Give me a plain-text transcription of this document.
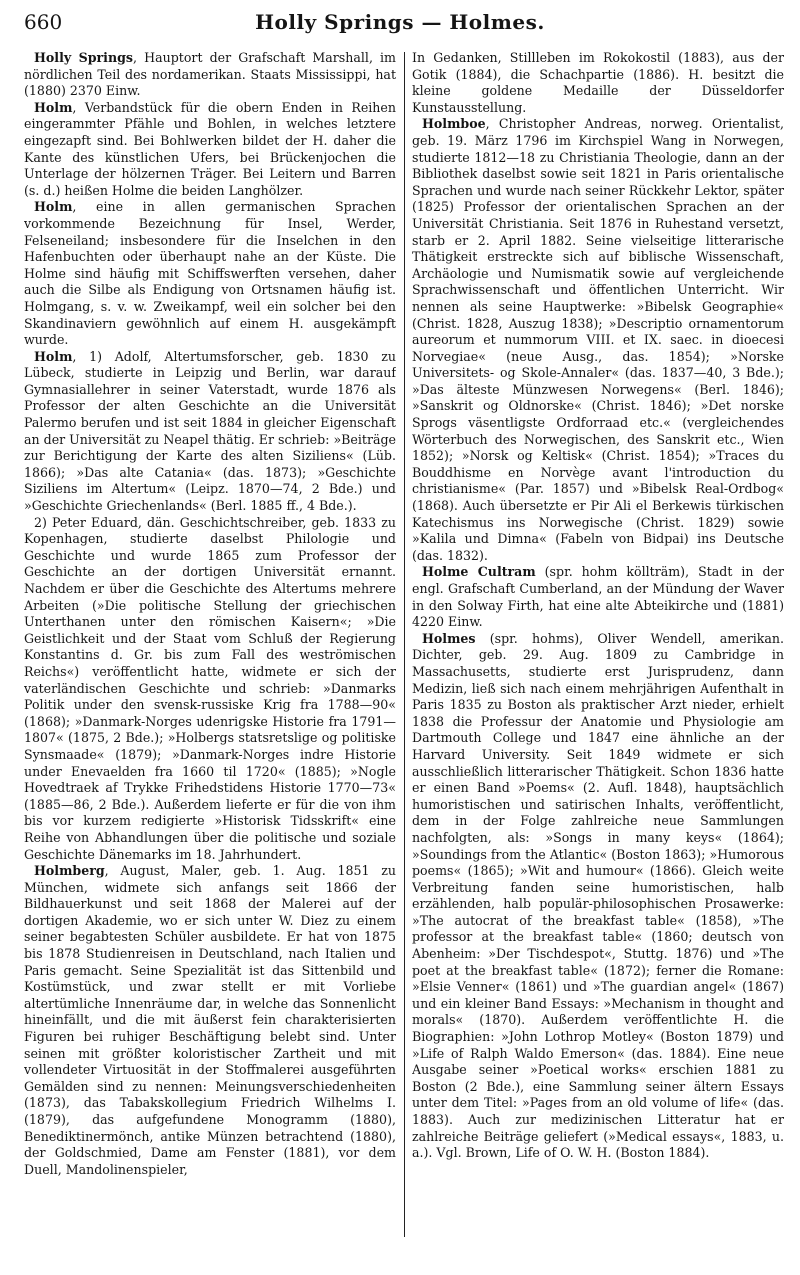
660	Holly Springs — Holmes.

Holly Springs, Hauptort der Grafschaft Marshall, im nördlichen Teil des nordamerikan. Staats Mississippi, hat (1880) 2370 Einw.

Holm, Verbandstück für die obern Enden in Reihen eingerammter Pfähle und Bohlen, in welches letztere eingezapft sind. Bei Bohlwerken bildet der H. daher die Kante des künstlichen Ufers, bei Brückenjochen die Unterlage der hölzernen Träger. Bei Leitern und Barren (s. d.) heißen Holme die beiden Langhölzer.

Holm, eine in allen germanischen Sprachen vorkommende Bezeichnung für Insel, Werder, Felseneiland; insbesondere für die Inselchen in den Hafenbuchten oder überhaupt nahe an der Küste. Die Holme sind häufig mit Schiffswerften versehen, daher auch die Silbe als Endigung von Ortsnamen häufig ist. Holmgang, s. v. w. Zweikampf, weil ein solcher bei den Skandinaviern gewöhnlich auf einem H. ausgekämpft wurde.

Holm, 1) Adolf, Altertumsforscher, geb. 1830 zu Lübeck, studierte in Leipzig und Berlin, war darauf Gymnasiallehrer in seiner Vaterstadt, wurde 1876 als Professor der alten Geschichte an die Universität Palermo berufen und ist seit 1884 in gleicher Eigenschaft an der Universität zu Neapel thätig. Er schrieb: »Beiträge zur Berichtigung der Karte des alten Siziliens« (Lüb. 1866); »Das alte Catania« (das. 1873); »Geschichte Siziliens im Altertum« (Leipz. 1870—74, 2 Bde.) und »Geschichte Griechenlands« (Berl. 1885 ff., 4 Bde.).

2) Peter Eduard, dän. Geschichtschreiber, geb. 1833 zu Kopenhagen, studierte daselbst Philologie und Geschichte und wurde 1865 zum Professor der Geschichte an der dortigen Universität ernannt. Nachdem er über die Geschichte des Altertums mehrere Arbeiten (»Die politische Stellung der griechischen Unterthanen unter den römischen Kaisern«; »Die Geistlichkeit und der Staat vom Schluß der Regierung Konstantins d. Gr. bis zum Fall des weströmischen Reichs«) veröffentlicht hatte, widmete er sich der vaterländischen Geschichte und schrieb: »Danmarks Politik under den svensk-russiske Krig fra 1788—90« (1868); »Danmark-Norges udenrigske Historie fra 1791—1807« (1875, 2 Bde.); »Holbergs statsretslige og politiske Synsmaade« (1879); »Danmark-Norges indre Historie under Enevaelden fra 1660 til 1720« (1885); »Nogle Hovedtraek af Trykke Frihedstidens Historie 1770—73« (1885—86, 2 Bde.). Außerdem lieferte er für die von ihm bis vor kurzem redigierte »Historisk Tidsskrift« eine Reihe von Abhandlungen über die politische und soziale Geschichte Dänemarks im 18. Jahrhundert.

Holmberg, August, Maler, geb. 1. Aug. 1851 zu München, widmete sich anfangs seit 1866 der Bildhauerkunst und seit 1868 der Malerei auf der dortigen Akademie, wo er sich unter W. Diez zu einem seiner begabtesten Schüler ausbildete. Er hat von 1875 bis 1878 Studienreisen in Deutschland, nach Italien und Paris gemacht. Seine Spezialität ist das Sittenbild und Kostümstück, und zwar stellt er mit Vorliebe altertümliche Innenräume dar, in welche das Sonnenlicht hineinfällt, und die mit äußerst fein charakterisierten Figuren bei ruhiger Beschäftigung belebt sind. Unter seinen mit größter koloristischer Zartheit und mit vollendeter Virtuosität in der Stoffmalerei ausgeführten Gemälden sind zu nennen: Meinungsverschiedenheiten (1873), das Tabakskollegium Friedrich Wilhelms I. (1879), das aufgefundene Monogramm (1880), Benediktinermönch, antike Münzen betrachtend (1880), der Goldschmied, Dame am Fenster (1881), vor dem Duell, Mandolinenspieler,

In Gedanken, Stillleben im Rokokostil (1883), aus der Gotik (1884), die Schachpartie (1886). H. besitzt die kleine goldene Medaille der Düsseldorfer Kunstausstellung.

Holmboe, Christopher Andreas, norweg. Orientalist, geb. 19. März 1796 im Kirchspiel Wang in Norwegen, studierte 1812—18 zu Christiania Theologie, dann an der Bibliothek daselbst sowie seit 1821 in Paris orientalische Sprachen und wurde nach seiner Rückkehr Lektor, später (1825) Professor der orientalischen Sprachen an der Universität Christiania. Seit 1876 in Ruhestand versetzt, starb er 2. April 1882. Seine vielseitige litterarische Thätigkeit erstreckte sich auf biblische Wissenschaft, Archäologie und Numismatik sowie auf vergleichende Sprachwissenschaft und öffentlichen Unterricht. Wir nennen als seine Hauptwerke: »Bibelsk Geographie« (Christ. 1828, Auszug 1838); »Descriptio ornamentorum aureorum et nummorum VIII. et IX. saec. in dioecesi Norvegiae« (neue Ausg., das. 1854); »Norske Universitets- og Skole-Annaler« (das. 1837—40, 3 Bde.); »Das älteste Münzwesen Norwegens« (Berl. 1846); »Sanskrit og Oldnorske« (Christ. 1846); »Det norske Sprogs väsentligste Ordforraad etc.« (vergleichendes Wörterbuch des Norwegischen, des Sanskrit etc., Wien 1852); »Norsk og Keltisk« (Christ. 1854); »Traces du Bouddhisme en Norvège avant l'introduction du christianisme« (Par. 1857) und »Bibelsk Real-Ordbog« (1868). Auch übersetzte er Pir Ali el Berkewis türkischen Katechismus ins Norwegische (Christ. 1829) sowie »Kalila und Dimna« (Fabeln von Bidpai) ins Deutsche (das. 1832).

Holme Cultram (spr. hohm köllträm), Stadt in der engl. Grafschaft Cumberland, an der Mündung der Waver in den Solway Firth, hat eine alte Abteikirche und (1881) 4220 Einw.

Holmes (spr. hohms), Oliver Wendell, amerikan. Dichter, geb. 29. Aug. 1809 zu Cambridge in Massachusetts, studierte erst Jurisprudenz, dann Medizin, ließ sich nach einem mehrjährigen Aufenthalt in Paris 1835 zu Boston als praktischer Arzt nieder, erhielt 1838 die Professur der Anatomie und Physiologie am Dartmouth College und 1847 eine ähnliche an der Harvard University. Seit 1849 widmete er sich ausschließlich litterarischer Thätigkeit. Schon 1836 hatte er einen Band »Poems« (2. Aufl. 1848), hauptsächlich humoristischen und satirischen Inhalts, veröffentlicht, dem in der Folge zahlreiche neue Sammlungen nachfolgten, als: »Songs in many keys« (1864); »Soundings from the Atlantic« (Boston 1863); »Humorous poems« (1865); »Wit and humour« (1866). Gleich weite Verbreitung fanden seine humoristischen, halb erzählenden, halb populär-philosophischen Prosawerke: »The autocrat of the breakfast table« (1858), »The professor at the breakfast table« (1860; deutsch von Abenheim: »Der Tischdespot«, Stuttg. 1876) und »The poet at the breakfast table« (1872); ferner die Romane: »Elsie Venner« (1861) und »The guardian angel« (1867) und ein kleiner Band Essays: »Mechanism in thought and morals« (1870). Außerdem veröffentlichte H. die Biographien: »John Lothrop Motley« (Boston 1879) und »Life of Ralph Waldo Emerson« (das. 1884). Eine neue Ausgabe seiner »Poetical works« erschien 1881 zu Boston (2 Bde.), eine Sammlung seiner ältern Essays unter dem Titel: »Pages from an old volume of life« (das. 1883). Auch zur medizinischen Litteratur hat er zahlreiche Beiträge geliefert (»Medical essays«, 1883, u. a.). Vgl. Brown, Life of O. W. H. (Boston 1884).
